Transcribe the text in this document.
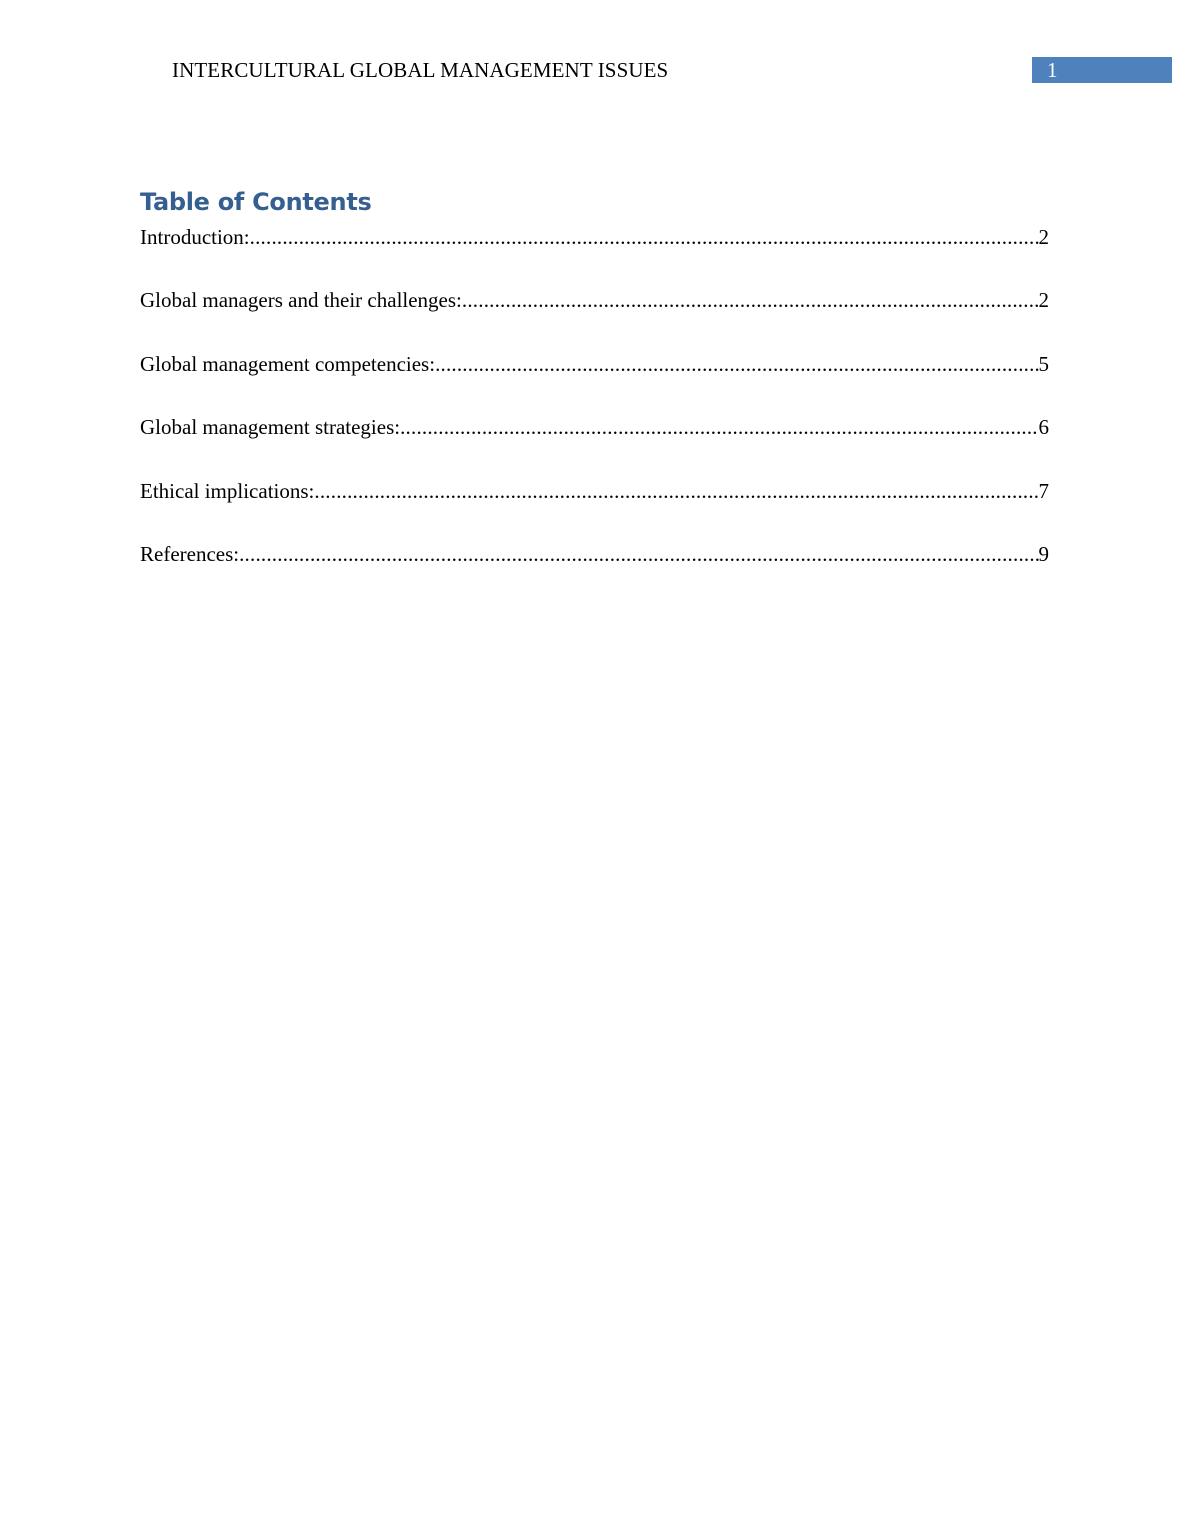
INTERCULTURAL GLOBAL MANAGEMENT ISSUES	1
Table of Contents
Introduction: .....	2
Global managers and their challenges: .....	2
Global management competencies: .....	5
Global management strategies: .....	6
Ethical implications: .....	7
References: .....	9
